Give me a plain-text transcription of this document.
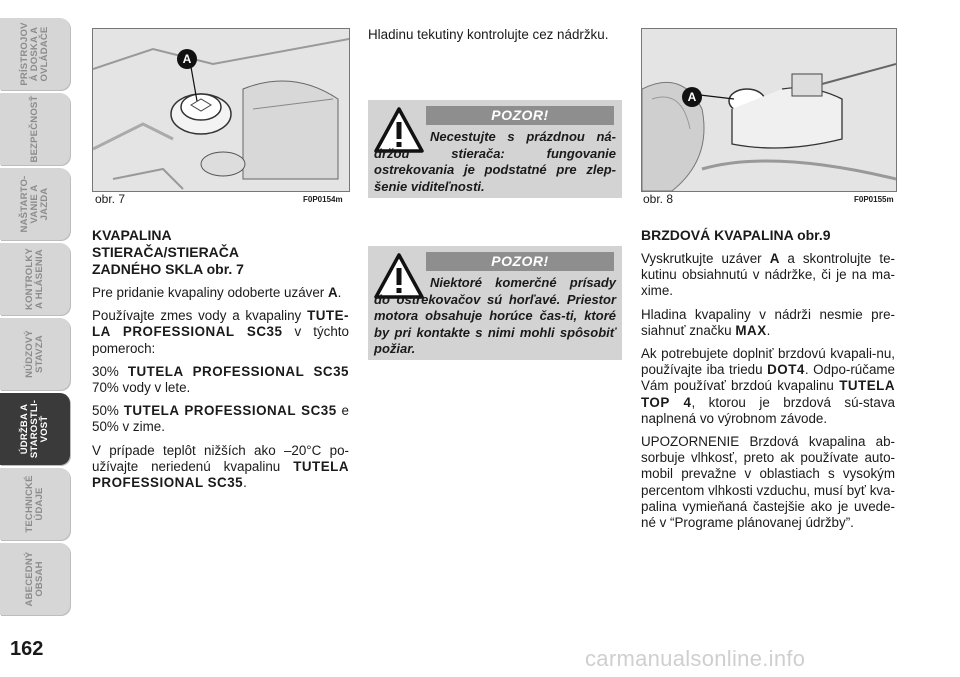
PRÍSTROJOV
Á DOSKA A
OVLÁDAČE
BEZPEČNOSŤ
NAŠTARTO-
VANIE A
JAZDA
KONTROLKY
A HLÁSENIA
NÚDZOVÝ
STAVZA
ÚDRŽBA A
STAROSTLI-
VOSŤ
TECHNICKÉ
ÚDAJE
ABECEDNÝ
OBSAH
162
A
obr. 7	F0P0154m
A
obr. 8	F0P0155m
KVAPALINA
STIERAČA/STIERAČA
ZADNÉHO SKLA obr. 7

Pre pridanie kvapaliny odoberte uzáver A.

Používajte zmes vody a kvapaliny TUTE-LA PROFESSIONAL SC35 v týchto pomeroch:

30% TUTELA PROFESSIONAL SC35 70% vody v lete.

50% TUTELA PROFESSIONAL SC35 e 50% v zime.

V prípade teplôt nižších ako –20°C po-užívajte neriedenú kvapalinu TUTELA PROFESSIONAL SC35.

Hladinu tekutiny kontrolujte cez nádržku.
POZOR!
Necestujte s prázdnou ná-držou stierača: fungovanie ostrekovania je podstatné pre zlep-šenie viditeľnosti.
POZOR!
Niektoré komerčné prísady do ostrekovačov sú horľavé. Priestor motora obsahuje horúce čas-ti, ktoré by pri kontakte s nimi mohli spôsobiť požiar.
BRZDOVÁ KVAPALINA obr.9

Vyskrutkujte uzáver A a skontrolujte te-kutinu obsiahnutú v nádržke, či je na ma-xime.

Hladina kvapaliny v nádrži nesmie pre-siahnuť značku MAX.

Ak potrebujete doplniť brzdovú kvapali-nu, používajte iba triedu DOT4. Odpo-rúčame Vám používať brzdoú kvapalinu TUTELA TOP 4, ktorou je brzdová sú-stava naplnená vo výrobnom závode.

UPOZORNENIE Brzdová kvapalina ab-sorbuje vlhkosť, preto ak používate auto-mobil prevažne v oblastiach s vysokým percentom vlhkosti vzduchu, musí byť kva-palina vymieňaná častejšie ako je uvede-né v “Programe plánovanej údržby”.

carmanualsonline.info
